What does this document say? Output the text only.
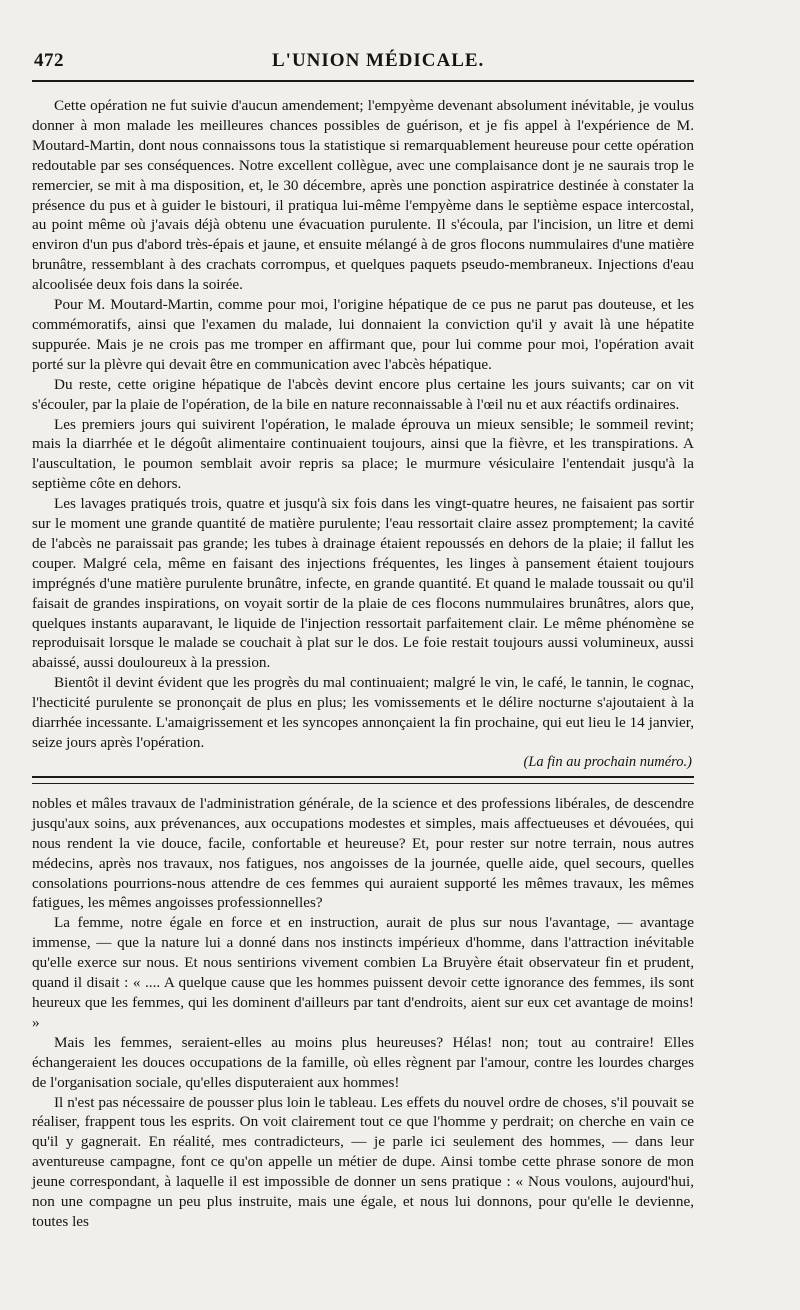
472	L'UNION MÉDICALE.

Cette opération ne fut suivie d'aucun amendement; l'empyème devenant absolument inévitable, je voulus donner à mon malade les meilleures chances possibles de guérison, et je fis appel à l'expérience de M. Moutard-Martin, dont nous connaissons tous la statistique si remarquablement heureuse pour cette opération redoutable par ses conséquences. Notre excellent collègue, avec une complaisance dont je ne saurais trop le remercier, se mit à ma disposition, et, le 30 décembre, après une ponction aspiratrice destinée à constater la présence du pus et à guider le bistouri, il pratiqua lui-même l'empyème dans le septième espace intercostal, au point même où j'avais déjà obtenu une évacuation purulente. Il s'écoula, par l'incision, un litre et demi environ d'un pus d'abord très-épais et jaune, et ensuite mélangé à de gros flocons nummulaires d'une matière brunâtre, ressemblant à des crachats corrompus, et quelques paquets pseudo-membraneux. Injections d'eau alcoolisée deux fois dans la soirée.

Pour M. Moutard-Martin, comme pour moi, l'origine hépatique de ce pus ne parut pas douteuse, et les commémoratifs, ainsi que l'examen du malade, lui donnaient la conviction qu'il y avait là une hépatite suppurée. Mais je ne crois pas me tromper en affirmant que, pour lui comme pour moi, l'opération avait porté sur la plèvre qui devait être en communication avec l'abcès hépatique.

Du reste, cette origine hépatique de l'abcès devint encore plus certaine les jours suivants; car on vit s'écouler, par la plaie de l'opération, de la bile en nature reconnaissable à l'œil nu et aux réactifs ordinaires.

Les premiers jours qui suivirent l'opération, le malade éprouva un mieux sensible; le sommeil revint; mais la diarrhée et le dégoût alimentaire continuaient toujours, ainsi que la fièvre, et les transpirations. A l'auscultation, le poumon semblait avoir repris sa place; le murmure vésiculaire l'entendait jusqu'à la septième côte en dehors.

Les lavages pratiqués trois, quatre et jusqu'à six fois dans les vingt-quatre heures, ne faisaient pas sortir sur le moment une grande quantité de matière purulente; l'eau ressortait claire assez promptement; la cavité de l'abcès ne paraissait pas grande; les tubes à drainage étaient repoussés en dehors de la plaie; il fallut les couper. Malgré cela, même en faisant des injections fréquentes, les linges à pansement étaient toujours imprégnés d'une matière purulente brunâtre, infecte, en grande quantité. Et quand le malade toussait ou qu'il faisait de grandes inspirations, on voyait sortir de la plaie de ces flocons nummulaires brunâtres, alors que, quelques instants auparavant, le liquide de l'injection ressortait parfaitement clair. Le même phénomène se reproduisait lorsque le malade se couchait à plat sur le dos. Le foie restait toujours aussi volumineux, aussi abaissé, aussi douloureux à la pression.

Bientôt il devint évident que les progrès du mal continuaient; malgré le vin, le café, le tannin, le cognac, l'hecticité purulente se prononçait de plus en plus; les vomissements et le délire nocturne s'ajoutaient à la diarrhée incessante. L'amaigrissement et les syncopes annonçaient la fin prochaine, qui eut lieu le 14 janvier, seize jours après l'opération.

(La fin au prochain numéro.)

nobles et mâles travaux de l'administration générale, de la science et des professions libérales, de descendre jusqu'aux soins, aux prévenances, aux occupations modestes et simples, mais affectueuses et dévouées, qui nous rendent la vie douce, facile, confortable et heureuse? Et, pour rester sur notre terrain, nous autres médecins, après nos travaux, nos fatigues, nos angoisses de la journée, quelle aide, quel secours, quelles consolations pourrions-nous attendre de ces femmes qui auraient supporté les mêmes travaux, les mêmes fatigues, les mêmes angoisses professionnelles?

La femme, notre égale en force et en instruction, aurait de plus sur nous l'avantage, — avantage immense, — que la nature lui a donné dans nos instincts impérieux d'homme, dans l'attraction inévitable qu'elle exerce sur nous. Et nous sentirions vivement combien La Bruyère était observateur fin et prudent, quand il disait : « .... A quelque cause que les hommes puissent devoir cette ignorance des femmes, ils sont heureux que les femmes, qui les dominent d'ailleurs par tant d'endroits, aient sur eux cet avantage de moins! »

Mais les femmes, seraient-elles au moins plus heureuses? Hélas! non; tout au contraire! Elles échangeraient les douces occupations de la famille, où elles règnent par l'amour, contre les lourdes charges de l'organisation sociale, qu'elles disputeraient aux hommes!

Il n'est pas nécessaire de pousser plus loin le tableau. Les effets du nouvel ordre de choses, s'il pouvait se réaliser, frappent tous les esprits. On voit clairement tout ce que l'homme y perdrait; on cherche en vain ce qu'il y gagnerait. En réalité, mes contradicteurs, — je parle ici seulement des hommes, — dans leur aventureuse campagne, font ce qu'on appelle un métier de dupe. Ainsi tombe cette phrase sonore de mon jeune correspondant, à laquelle il est impossible de donner un sens pratique : « Nous voulons, aujourd'hui, non une compagne un peu plus instruite, mais une égale, et nous lui donnons, pour qu'elle le devienne, toutes les
